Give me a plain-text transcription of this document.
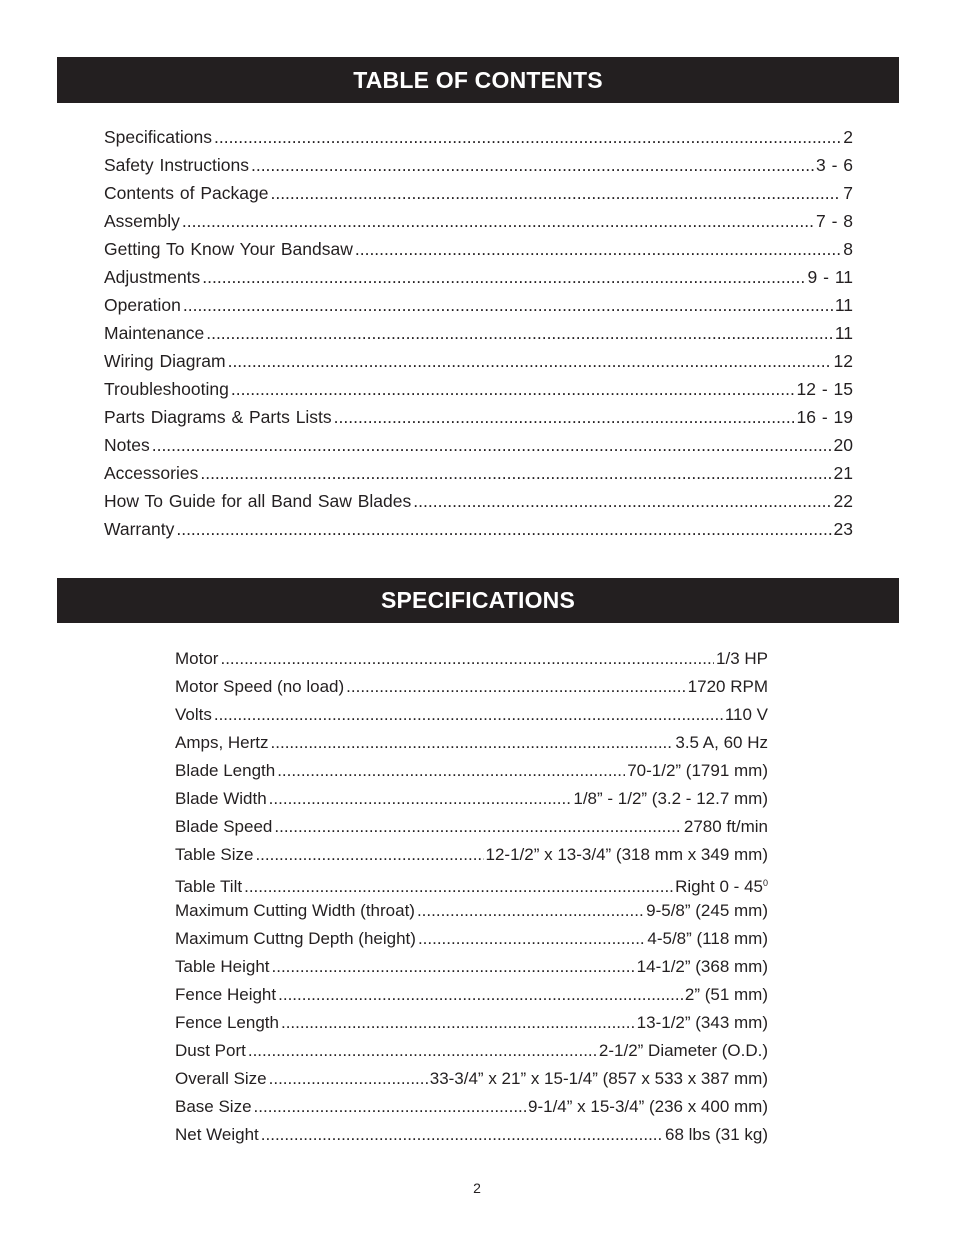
TABLE OF CONTENTS
Specifications .....	2
Safety Instructions .....	3 - 6
Contents of Package .....	7
Assembly .....	7 - 8
Getting To Know Your Bandsaw .....	8
Adjustments .....	9 - 11
Operation .....	11
Maintenance .....	11
Wiring Diagram .....	12
Troubleshooting .....	12 - 15
Parts Diagrams & Parts Lists .....	16 - 19
Notes .....	20
Accessories .....	21
How To Guide for all Band Saw Blades .....	22
Warranty .....	23
SPECIFICATIONS
Motor .....	1/3 HP
Motor Speed (no load) .....	1720 RPM
Volts .....	110 V
Amps, Hertz .....	3.5 A, 60 Hz
Blade Length .....	70-1/2” (1791 mm)
Blade Width .....	1/8” - 1/2” (3.2 - 12.7 mm)
Blade Speed .....	2780 ft/min
Table Size .....	12-1/2” x 13-3/4” (318 mm x 349 mm)
Table Tilt .....	Right $0 - 45^0$
Maximum Cutting Width (throat) .....	9-5/8” (245 mm)
Maximum Cuttng Depth (height) .....	4-5/8” (118 mm)
Table Height .....	14-1/2” (368 mm)
Fence Height .....	2” (51 mm)
Fence Length .....	13-1/2” (343 mm)
Dust Port .....	2-1/2” Diameter (O.D.)
Overall Size .....	33-3/4” x 21” x 15-1/4” (857 x 533 x 387 mm)
Base Size .....	9-1/4” x 15-3/4” (236 x 400 mm)
Net Weight .....	68 lbs (31 kg)
2
